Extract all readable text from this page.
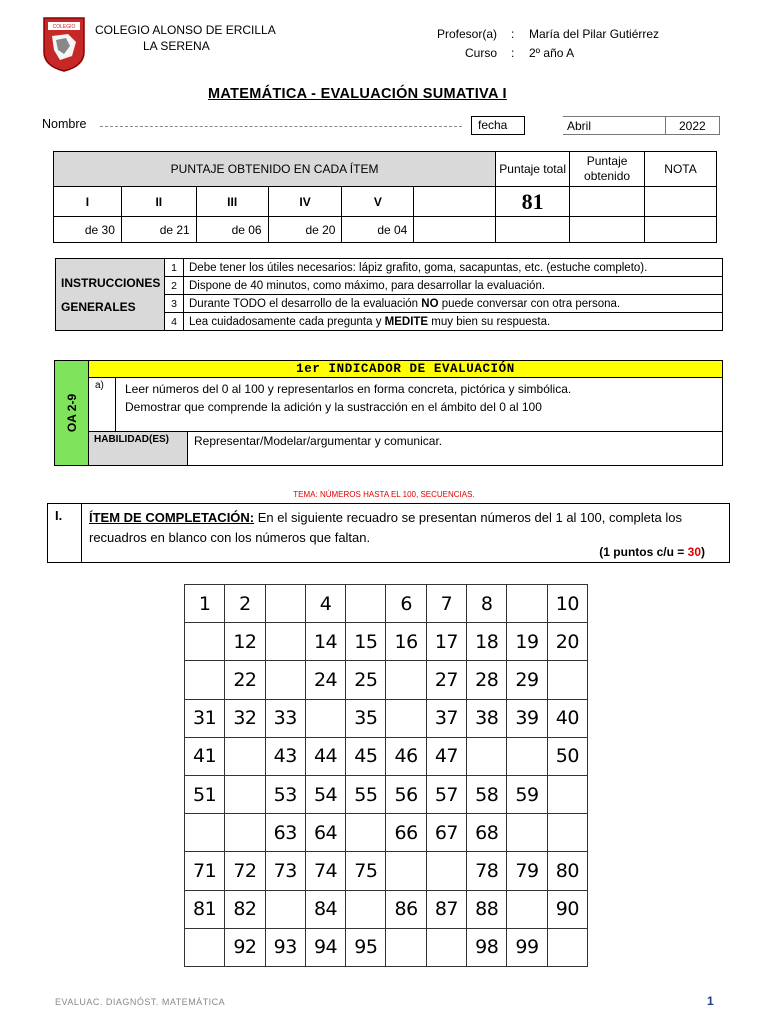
COLEGIO COLEGIO ALONSO DE ERCILLA
LA SERENA
Profesor(a)	:	María del Pilar Gutiérrez
Curso	:	2º año A
MATEMÁTICA - EVALUACIÓN SUMATIVA I
Nombre	fecha	Abril	2022
PUNTAJE OBTENIDO EN CADA ÍTEM						Puntaje total	Puntaje obtenido	NOTA
I	II	III	IV	V		81		
de 30	de 21	de 06	de 20	de 04				
INSTRUCCIONES
GENERALES	1	Debe tener los útiles necesarios: lápiz grafito, goma, sacapuntas, etc. (estuche completo).
	2	Dispone de 40 minutos, como máximo, para desarrollar la evaluación.
	3	Durante TODO el desarrollo de la evaluación NO puede conversar con otra persona.
	4	Lea cuidadosamente cada pregunta y MEDITE muy bien su respuesta.
OA 2-9
1er INDICADOR DE EVALUACIÓN
a)	Leer números del 0 al 100 y representarlos en forma concreta, pictórica y simbólica.
Demostrar que comprende la adición y la sustracción en el ámbito del 0 al 100
HABILIDAD(ES)	Representar/Modelar/argumentar y comunicar.
TEMA: NÚMEROS HASTA EL 100, SECUENCIAS.
I.	ÍTEM DE COMPLETACIÓN: En el siguiente recuadro se presentan números del 1 al 100, completa los recuadros en blanco con los números que faltan.
(1 puntos c/u = 30)
1	2		4		6	7	8		10
	12		14	15	16	17	18	19	20
	22		24	25		27	28	29	
31	32	33		35		37	38	39	40
41		43	44	45	46	47			50
51		53	54	55	56	57	58	59	
		63	64		66	67	68		
71	72	73	74	75			78	79	80
81	82		84		86	87	88		90
	92	93	94	95			98	99	
EVALUAC. DIAGNÓST. MATEMÁTICA	1
